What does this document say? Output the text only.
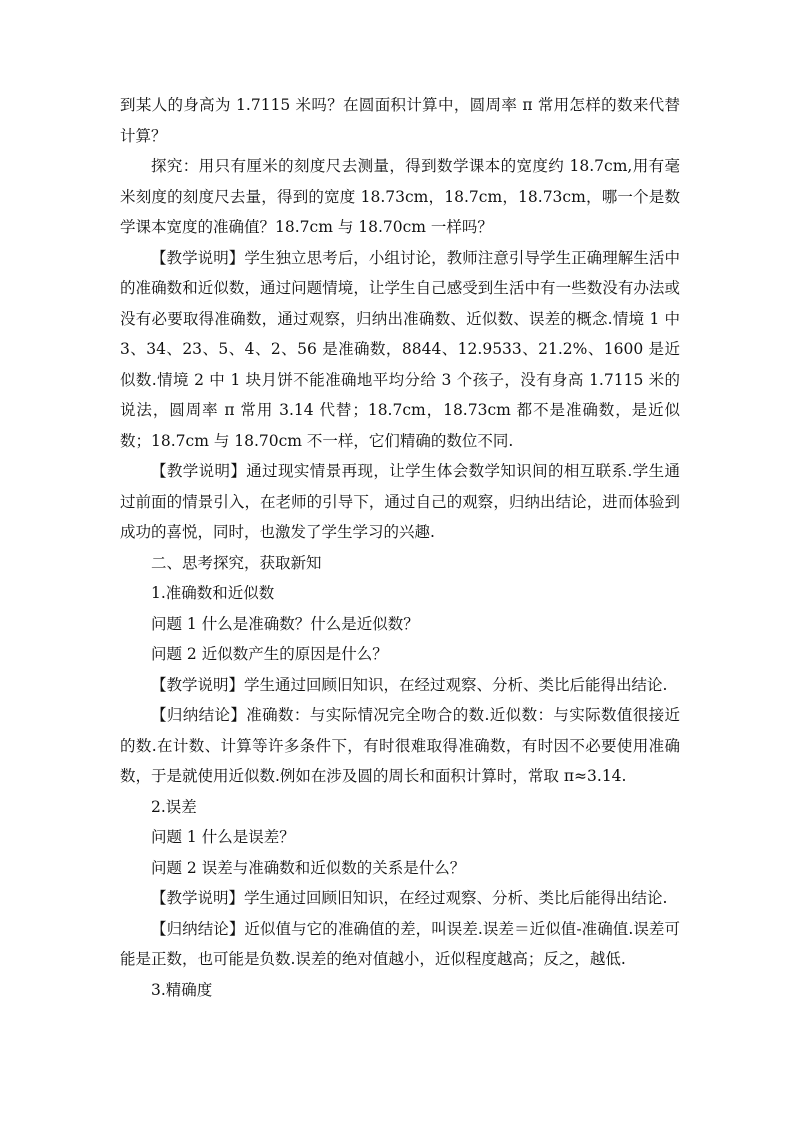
到某人的身高为 1.7115 米吗？在圆面积计算中，圆周率 π 常用怎样的数来代替计算？

探究：用只有厘米的刻度尺去测量，得到数学课本的宽度约 18.7cm,用有毫米刻度的刻度尺去量，得到的宽度 18.73cm，18.7cm，18.73cm，哪一个是数学课本宽度的准确值？18.7cm 与 18.70cm 一样吗？

【教学说明】学生独立思考后，小组讨论，教师注意引导学生正确理解生活中的准确数和近似数，通过问题情境，让学生自己感受到生活中有一些数没有办法或没有必要取得准确数，通过观察，归纳出准确数、近似数、误差的概念.情境 1 中 3、34、23、5、4、2、56 是准确数，8844、12.9533、21.2%、1600 是近似数.情境 2 中 1 块月饼不能准确地平均分给 3 个孩子，没有身高 1.7115 米的说法，圆周率 π 常用 3.14 代替；18.7cm，18.73cm 都不是准确数，是近似数；18.7cm 与 18.70cm 不一样，它们精确的数位不同.

【教学说明】通过现实情景再现，让学生体会数学知识间的相互联系.学生通过前面的情景引入，在老师的引导下，通过自己的观察，归纳出结论，进而体验到成功的喜悦，同时，也激发了学生学习的兴趣.

二、思考探究，获取新知

1.准确数和近似数

问题 1 什么是准确数？什么是近似数？

问题 2 近似数产生的原因是什么？

【教学说明】学生通过回顾旧知识，在经过观察、分析、类比后能得出结论.

【归纳结论】准确数：与实际情况完全吻合的数.近似数：与实际数值很接近的数.在计数、计算等许多条件下，有时很难取得准确数，有时因不必要使用准确数，于是就使用近似数.例如在涉及圆的周长和面积计算时，常取 π≈3.14.

2.误差

问题 1 什么是误差？

问题 2 误差与准确数和近似数的关系是什么？

【教学说明】学生通过回顾旧知识，在经过观察、分析、类比后能得出结论.

【归纳结论】近似值与它的准确值的差，叫误差.误差＝近似值-准确值.误差可能是正数，也可能是负数.误差的绝对值越小，近似程度越高；反之，越低.

3.精确度
